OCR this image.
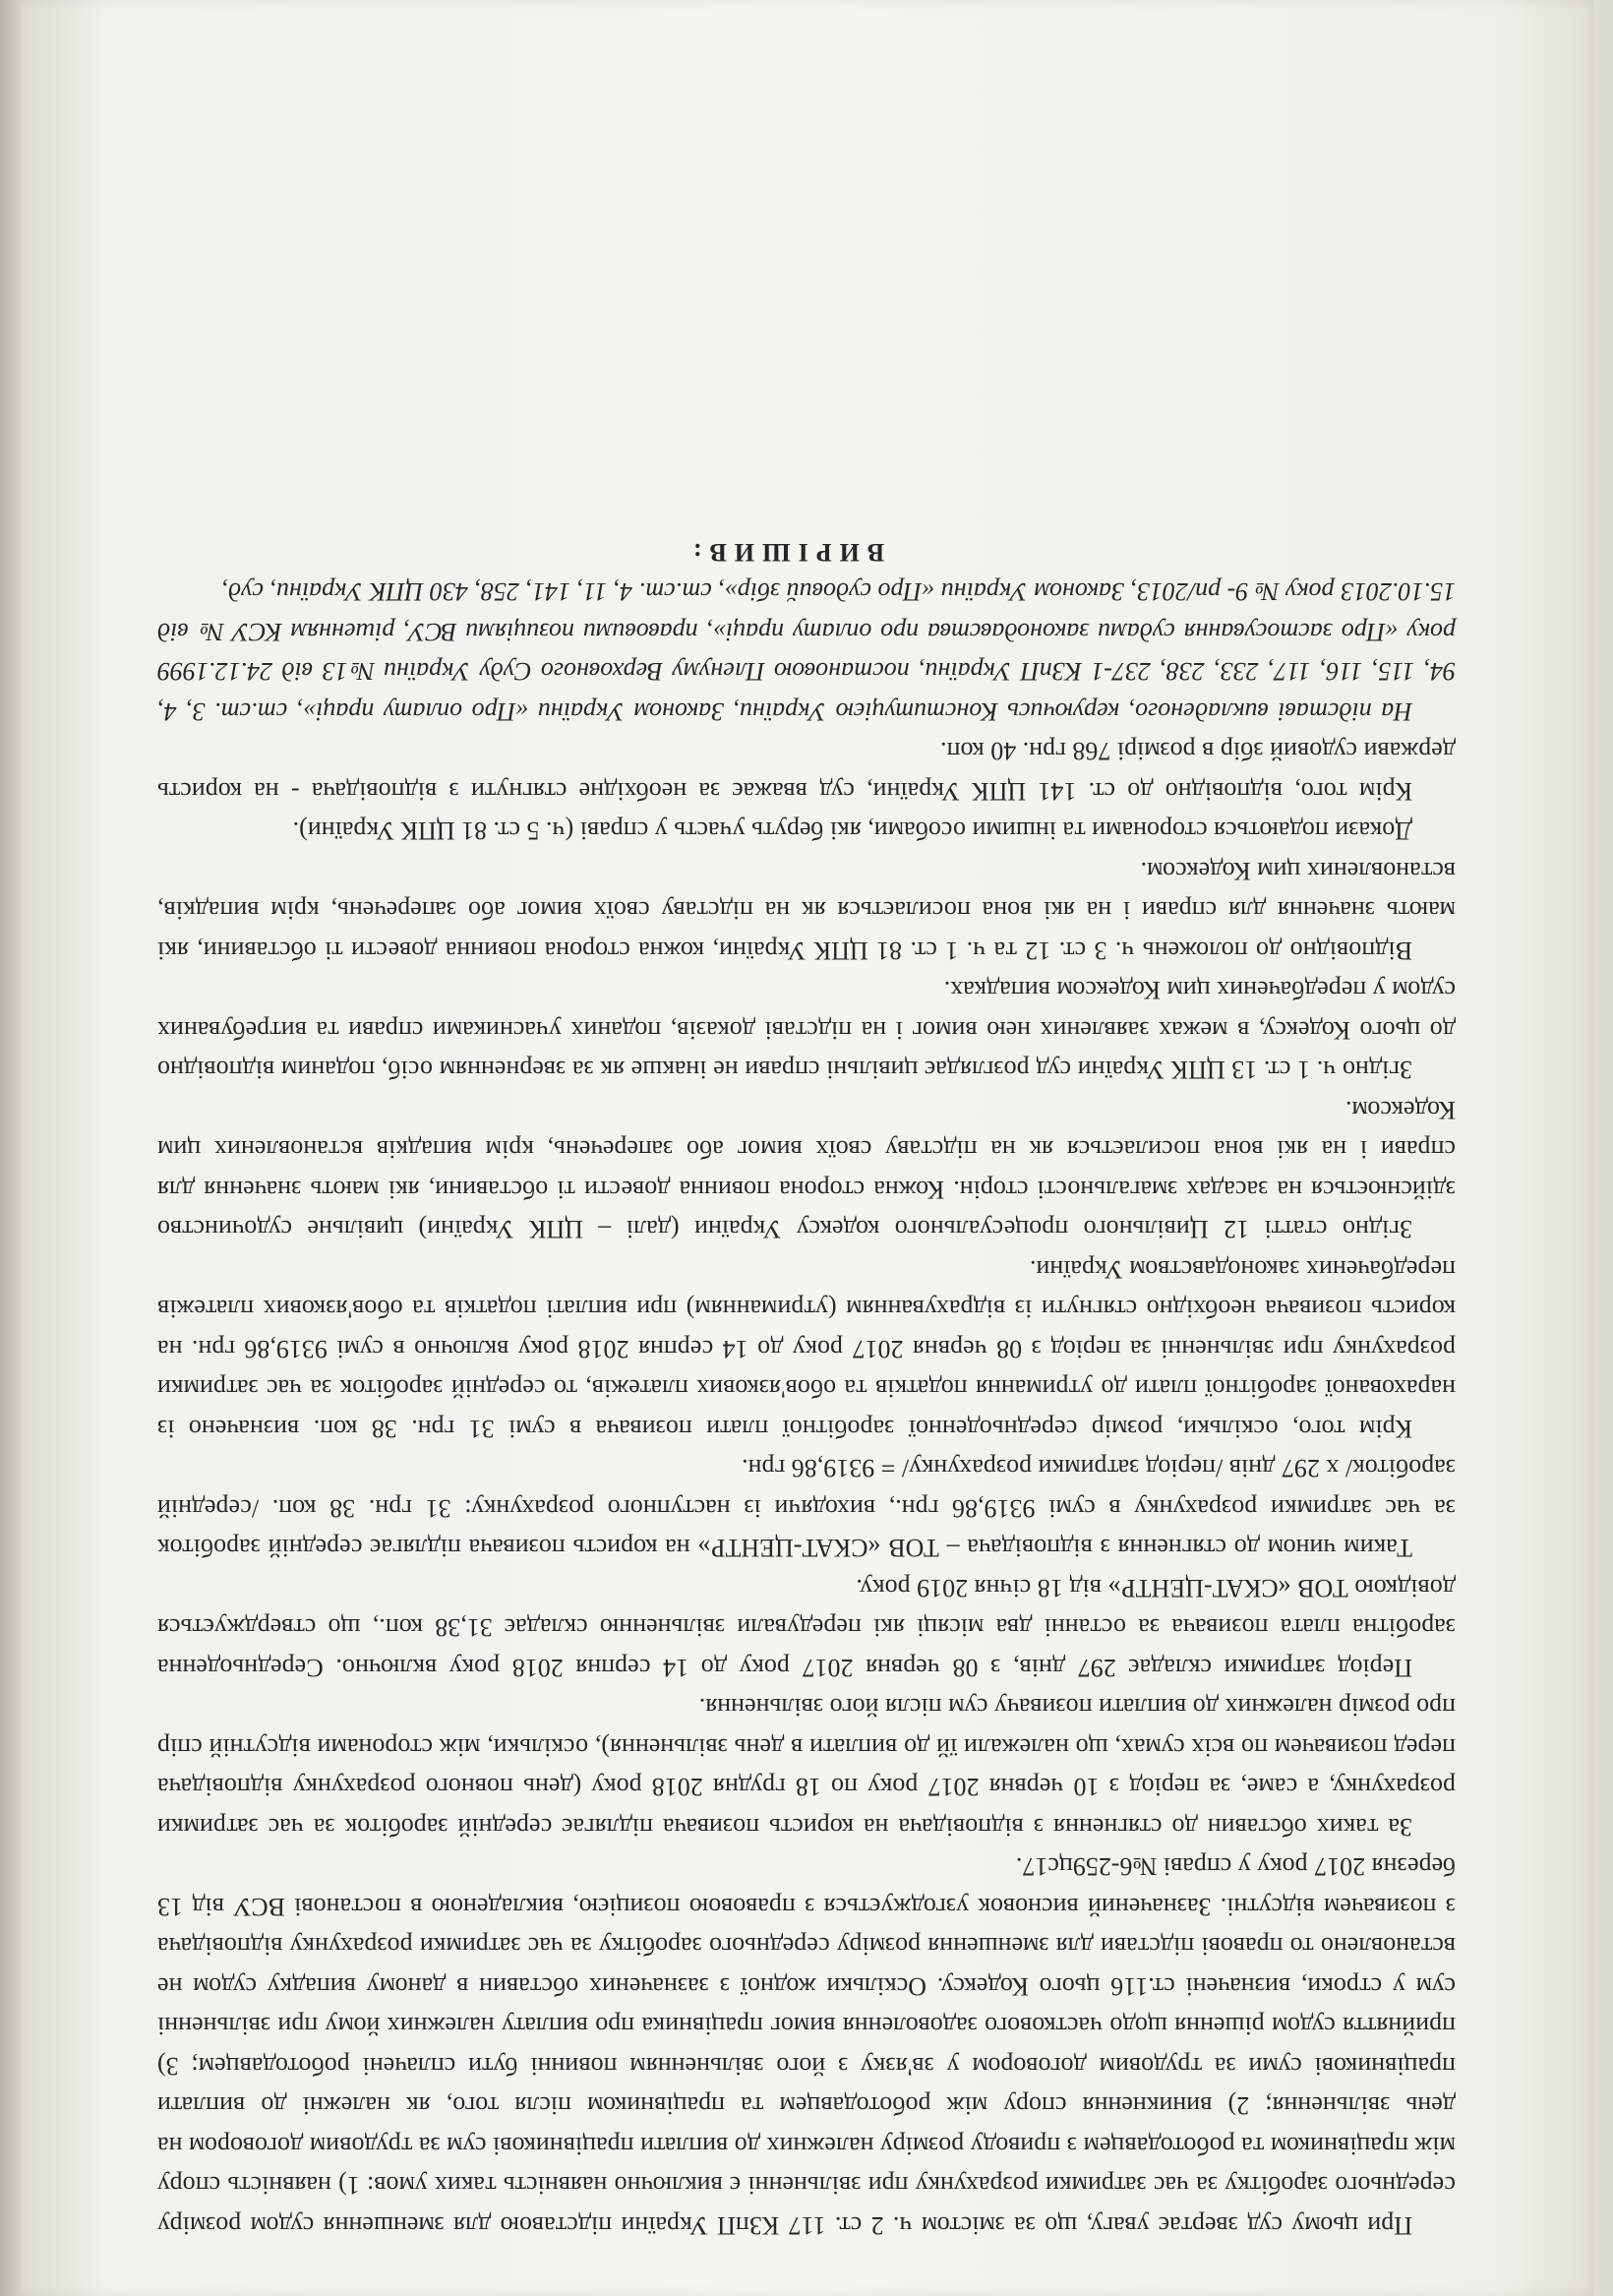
При цьому суд звертає увагу, що за змістом ч. 2 ст. 117 КЗпП України підставою для зменшення судом розміру середнього заробітку за час затримки розрахунку при звільненні є виключно наявність таких умов: 1) наявність спору між працівником та роботодавцем з приводу розміру належних до виплати працівникові сум за трудовим договором на день звільнення; 2) виникнення спору між роботодавцем та працівником після того, як належні до виплати працівникові суми за трудовим договором у зв'язку з його звільненням повинні бути сплачені роботодавцем; 3) прийняття судом рішення щодо часткового задоволення вимог працівника про виплату належних йому при звільненні сум у строки, визначені ст.116 цього Кодексу. Оскільки жодної з зазначених обставин в даному випадку судом не встановлено то правові підстави для зменшення розміру середнього заробітку за час затримки розрахунку відповідача з позивачем відсутні. Зазначений висновок узгоджується з правовою позицією, викладеною в постанові ВСУ від 13 березня 2017 року у справі №6-259цс17.

За таких обставин до стягнення з відповідача на користь позивача підлягає середній заробіток за час затримки розрахунку, а саме, за період з 10 червня 2017 року по 18 грудня 2018 року (день повного розрахунку відповідача перед позивачем по всіх сумах, що належали їй до виплати в день звільнення), оскільки, між сторонами відсутній спір про розмір належних до виплати позивачу сум після його звільнення.

Період затримки складає 297 днів, з 08 червня 2017 року до 14 серпня 2018 року включно. Середньоденна заробітна плата позивача за останні два місяці які передували звільненню складає 31,38 коп., що стверджується довідкою ТОВ «СКАТ-ЦЕНТР» від 18 січня 2019 року.

Таким чином до стягнення з відповідача – ТОВ «СКАТ-ЦЕНТР» на користь позивача підлягає середній заробіток за час затримки розрахунку в сумі 9319,86 грн., виходячи із наступного розрахунку: 31 грн. 38 коп. /середній заробіток/ х 297 днів /період затримки розрахунку/ = 9319,86 грн.

Крім того, оскільки, розмір середньоденної заробітної плати позивача в сумі 31 грн. 38 коп. визначено із нарахованої заробітної плати до утримання податків та обов'язкових платежів, то середній заробіток за час затримки розрахунку при звільненні за період з 08 червня 2017 року до 14 серпня 2018 року включно в сумі 9319,86 грн. на користь позивача необхідно стягнути із відрахуванням (утриманням) при виплаті податків та обов'язкових платежів передбачених законодавством України.

Згідно статті 12 Цивільного процесуального кодексу України (далі – ЦПК України) цивільне судочинство здійснюється на засадах змагальності сторін. Кожна сторона повинна довести ті обставини, які мають значення для справи і на які вона посилається як на підставу своїх вимог або заперечень, крім випадків встановлених цим Кодексом.

Згідно ч. 1 ст. 13 ЦПК України суд розглядає цивільні справи не інакше як за зверненням осіб, поданим відповідно до цього Кодексу, в межах заявлених нею вимог і на підставі доказів, поданих учасниками справи та витребуваних судом у передбачених цим Кодексом випадках.

Відповідно до положень ч. 3 ст. 12 та ч. 1 ст. 81 ЦПК України, кожна сторона повинна довести ті обставини, які мають значення для справи і на які вона посилається як на підставу своїх вимог або заперечень, крім випадків, встановлених цим Кодексом.

Докази подаються сторонами та іншими особами, які беруть участь у справі (ч. 5 ст. 81 ЦПК України).

Крім того, відповідно до ст. 141 ЦПК України, суд вважає за необхідне стягнути з відповідача - на користь держави судовий збір в розмірі 768 грн. 40 коп.

На підставі викладеного, керуючись Конституцією України, Законом України «Про оплату праці», ст.ст. 3, 4, 94, 115, 116, 117, 233, 238, 237-1 КЗпП України, постановою Пленуму Верховного Суду України №13 від 24.12.1999 року «Про застосування судами законодавства про оплату праці», правовими позиціями ВСУ, рішенням КСУ № від 15.10.2013 року № 9- рп/2013, Законом України «Про судовий збір», ст.ст. 4, 11, 141, 258, 430 ЦПК України, суд,

ВИРІШИВ:
